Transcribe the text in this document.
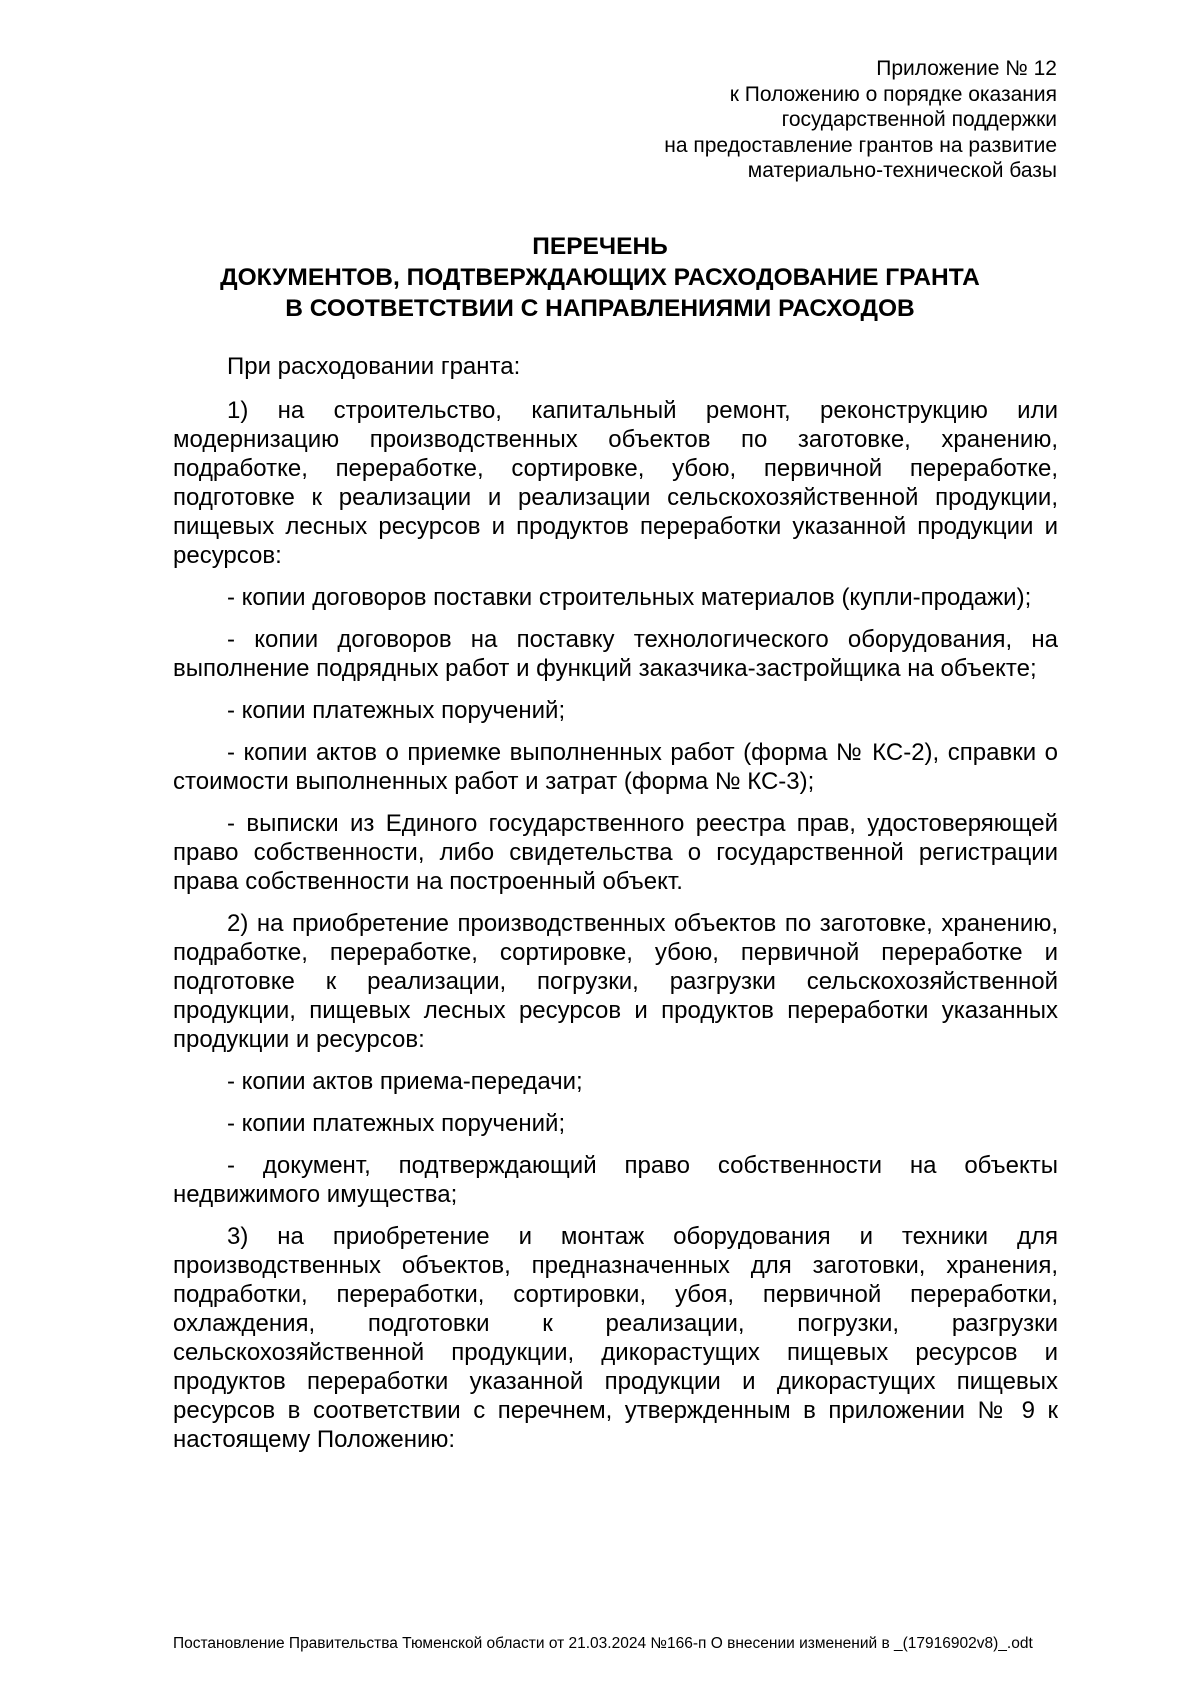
Приложение № 12
к Положению о порядке оказания
государственной поддержки
на предоставление грантов на развитие
материально-технической базы
ПЕРЕЧЕНЬ
ДОКУМЕНТОВ, ПОДТВЕРЖДАЮЩИХ РАСХОДОВАНИЕ ГРАНТА
В СООТВЕТСТВИИ С НАПРАВЛЕНИЯМИ РАСХОДОВ

При расходовании гранта:

1) на строительство, капитальный ремонт, реконструкцию или модернизацию производственных объектов по заготовке, хранению, подработке, переработке, сортировке, убою, первичной переработке, подготовке к реализации и реализации сельскохозяйственной продукции, пищевых лесных ресурсов и продуктов переработки указанной продукции и ресурсов:

- копии договоров поставки строительных материалов (купли-продажи);

- копии договоров на поставку технологического оборудования, на выполнение подрядных работ и функций заказчика-застройщика на объекте;

- копии платежных поручений;

- копии актов о приемке выполненных работ (форма № КС-2), справки о стоимости выполненных работ и затрат (форма № КС-3);

- выписки из Единого государственного реестра прав, удостоверяющей право собственности, либо свидетельства о государственной регистрации права собственности на построенный объект.

2) на приобретение производственных объектов по заготовке, хранению, подработке, переработке, сортировке, убою, первичной переработке и подготовке к реализации, погрузки, разгрузки сельскохозяйственной продукции, пищевых лесных ресурсов и продуктов переработки указанных продукции и ресурсов:

- копии актов приема-передачи;

- копии платежных поручений;

- документ, подтверждающий право собственности на объекты недвижимого имущества;

3) на приобретение и монтаж оборудования и техники для производственных объектов, предназначенных для заготовки, хранения, подработки, переработки, сортировки, убоя, первичной переработки, охлаждения, подготовки к реализации, погрузки, разгрузки сельскохозяйственной продукции, дикорастущих пищевых ресурсов и продуктов переработки указанной продукции и дикорастущих пищевых ресурсов в соответствии с перечнем, утвержденным в приложении № 9 к настоящему Положению:

Постановление Правительства Тюменской области от 21.03.2024 №166-п О внесении изменений в _(17916902v8)_.odt
